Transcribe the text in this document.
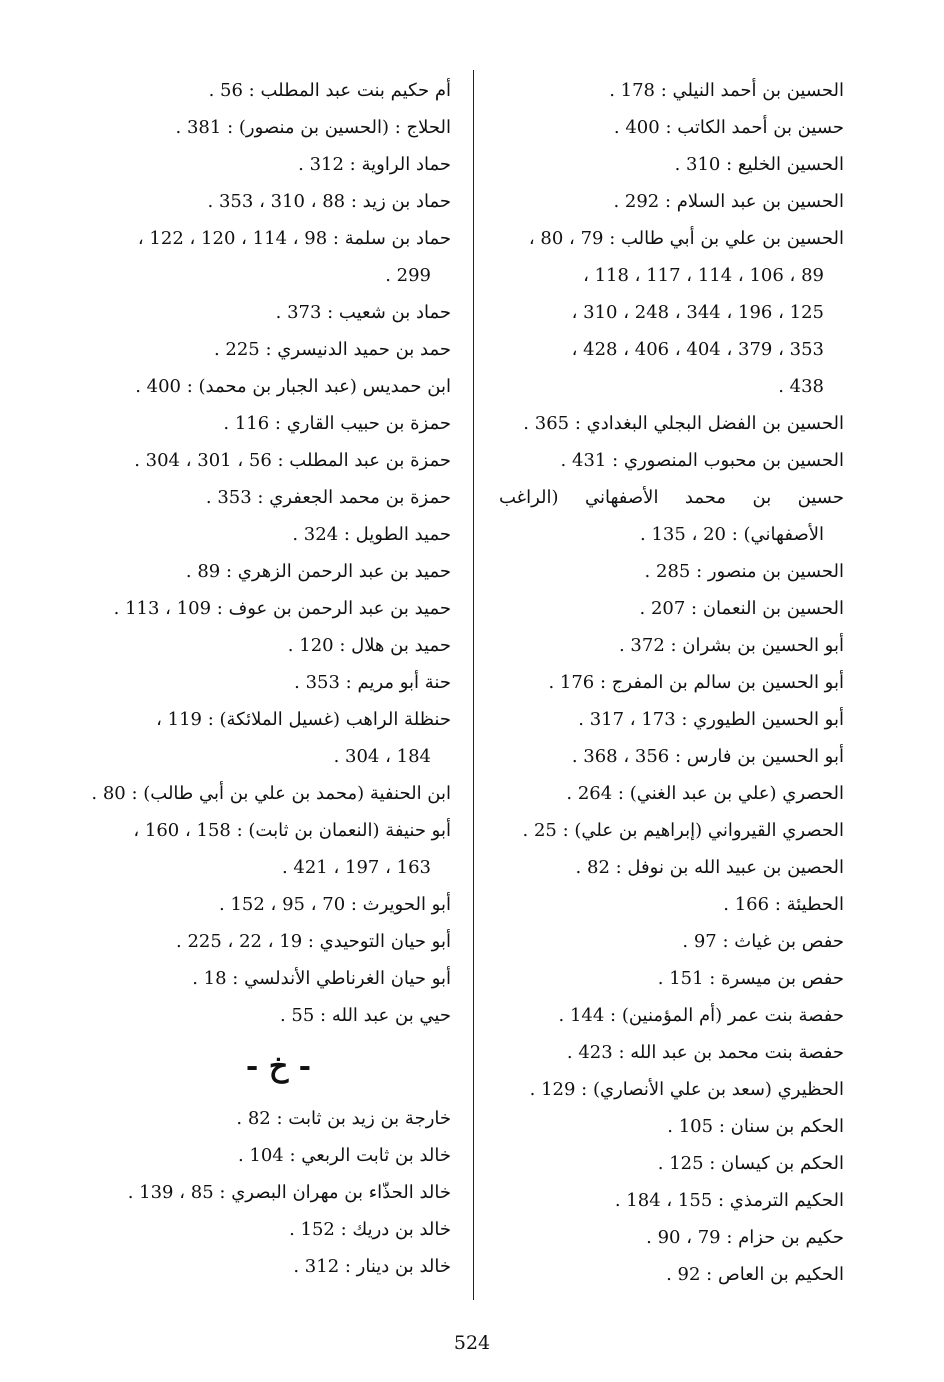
الحسين بن أحمد النيلي : 178 .
حسين بن أحمد الكاتب : 400 .
الحسين الخليع : 310 .
الحسين بن عبد السلام : 292 .
الحسين بن علي بن أبي طالب : 79 ، 80 ،
89 ، 106 ، 114 ، 117 ، 118 ،
125 ، 196 ، 344 ، 248 ، 310 ،
353 ، 379 ، 404 ، 406 ، 428 ،
438 .
الحسين بن الفضل البجلي البغدادي : 365 .
الحسين بن محبوب المنصوري : 431 .
حسين بن محمد الأصفهاني (الراغب
الأصفهاني) : 20 ، 135 .
الحسين بن منصور : 285 .
الحسين بن النعمان : 207 .
أبو الحسين بن بشران : 372 .
أبو الحسين بن سالم بن المفرج : 176 .
أبو الحسين الطيوري : 173 ، 317 .
أبو الحسين بن فارس : 356 ، 368 .
الحصري (علي بن عبد الغني) : 264 .
الحصري القيرواني (إبراهيم بن علي) : 25 .
الحصين بن عبيد الله بن نوفل : 82 .
الحطيئة : 166 .
حفص بن غياث : 97 .
حفص بن ميسرة : 151 .
حفصة بنت عمر (أم المؤمنين) : 144 .
حفصة بنت محمد بن عبد الله : 423 .
الحظيري (سعد بن علي الأنصاري) : 129 .
الحكم بن سنان : 105 .
الحكم بن كيسان : 125 .
الحكيم الترمذي : 155 ، 184 .
حكيم بن حزام : 79 ، 90 .
الحكيم بن العاص : 92 .
أم حكيم بنت عبد المطلب : 56 .
الحلاج : (الحسين بن منصور) : 381 .
حماد الراوية : 312 .
حماد بن زيد : 88 ، 310 ، 353 .
حماد بن سلمة : 98 ، 114 ، 120 ، 122 ،
299 .
حماد بن شعيب : 373 .
حمد بن حميد الدنيسري : 225 .
ابن حمديس (عبد الجبار بن محمد) : 400 .
حمزة بن حبيب القاري : 116 .
حمزة بن عبد المطلب : 56 ، 301 ، 304 .
حمزة بن محمد الجعفري : 353 .
حميد الطويل : 324 .
حميد بن عبد الرحمن الزهري : 89 .
حميد بن عبد الرحمن بن عوف : 109 ، 113 .
حميد بن هلال : 120 .
حنة أبو مريم : 353 .
حنظلة الراهب (غسيل الملائكة) : 119 ،
184 ، 304 .
ابن الحنفية (محمد بن علي بن أبي طالب) : 80 .
أبو حنيفة (النعمان بن ثابت) : 158 ، 160 ،
163 ، 197 ، 421 .
أبو الحويرث : 70 ، 95 ، 152 .
أبو حيان التوحيدي : 19 ، 22 ، 225 .
أبو حيان الغرناطي الأندلسي : 18 .
حيي بن عبد الله : 55 .
- خ -
خارجة بن زيد بن ثابت : 82 .
خالد بن ثابت الربعي : 104 .
خالد الحذّاء بن مهران البصري : 85 ، 139 .
خالد بن دريك : 152 .
خالد بن دينار : 312 .
524
